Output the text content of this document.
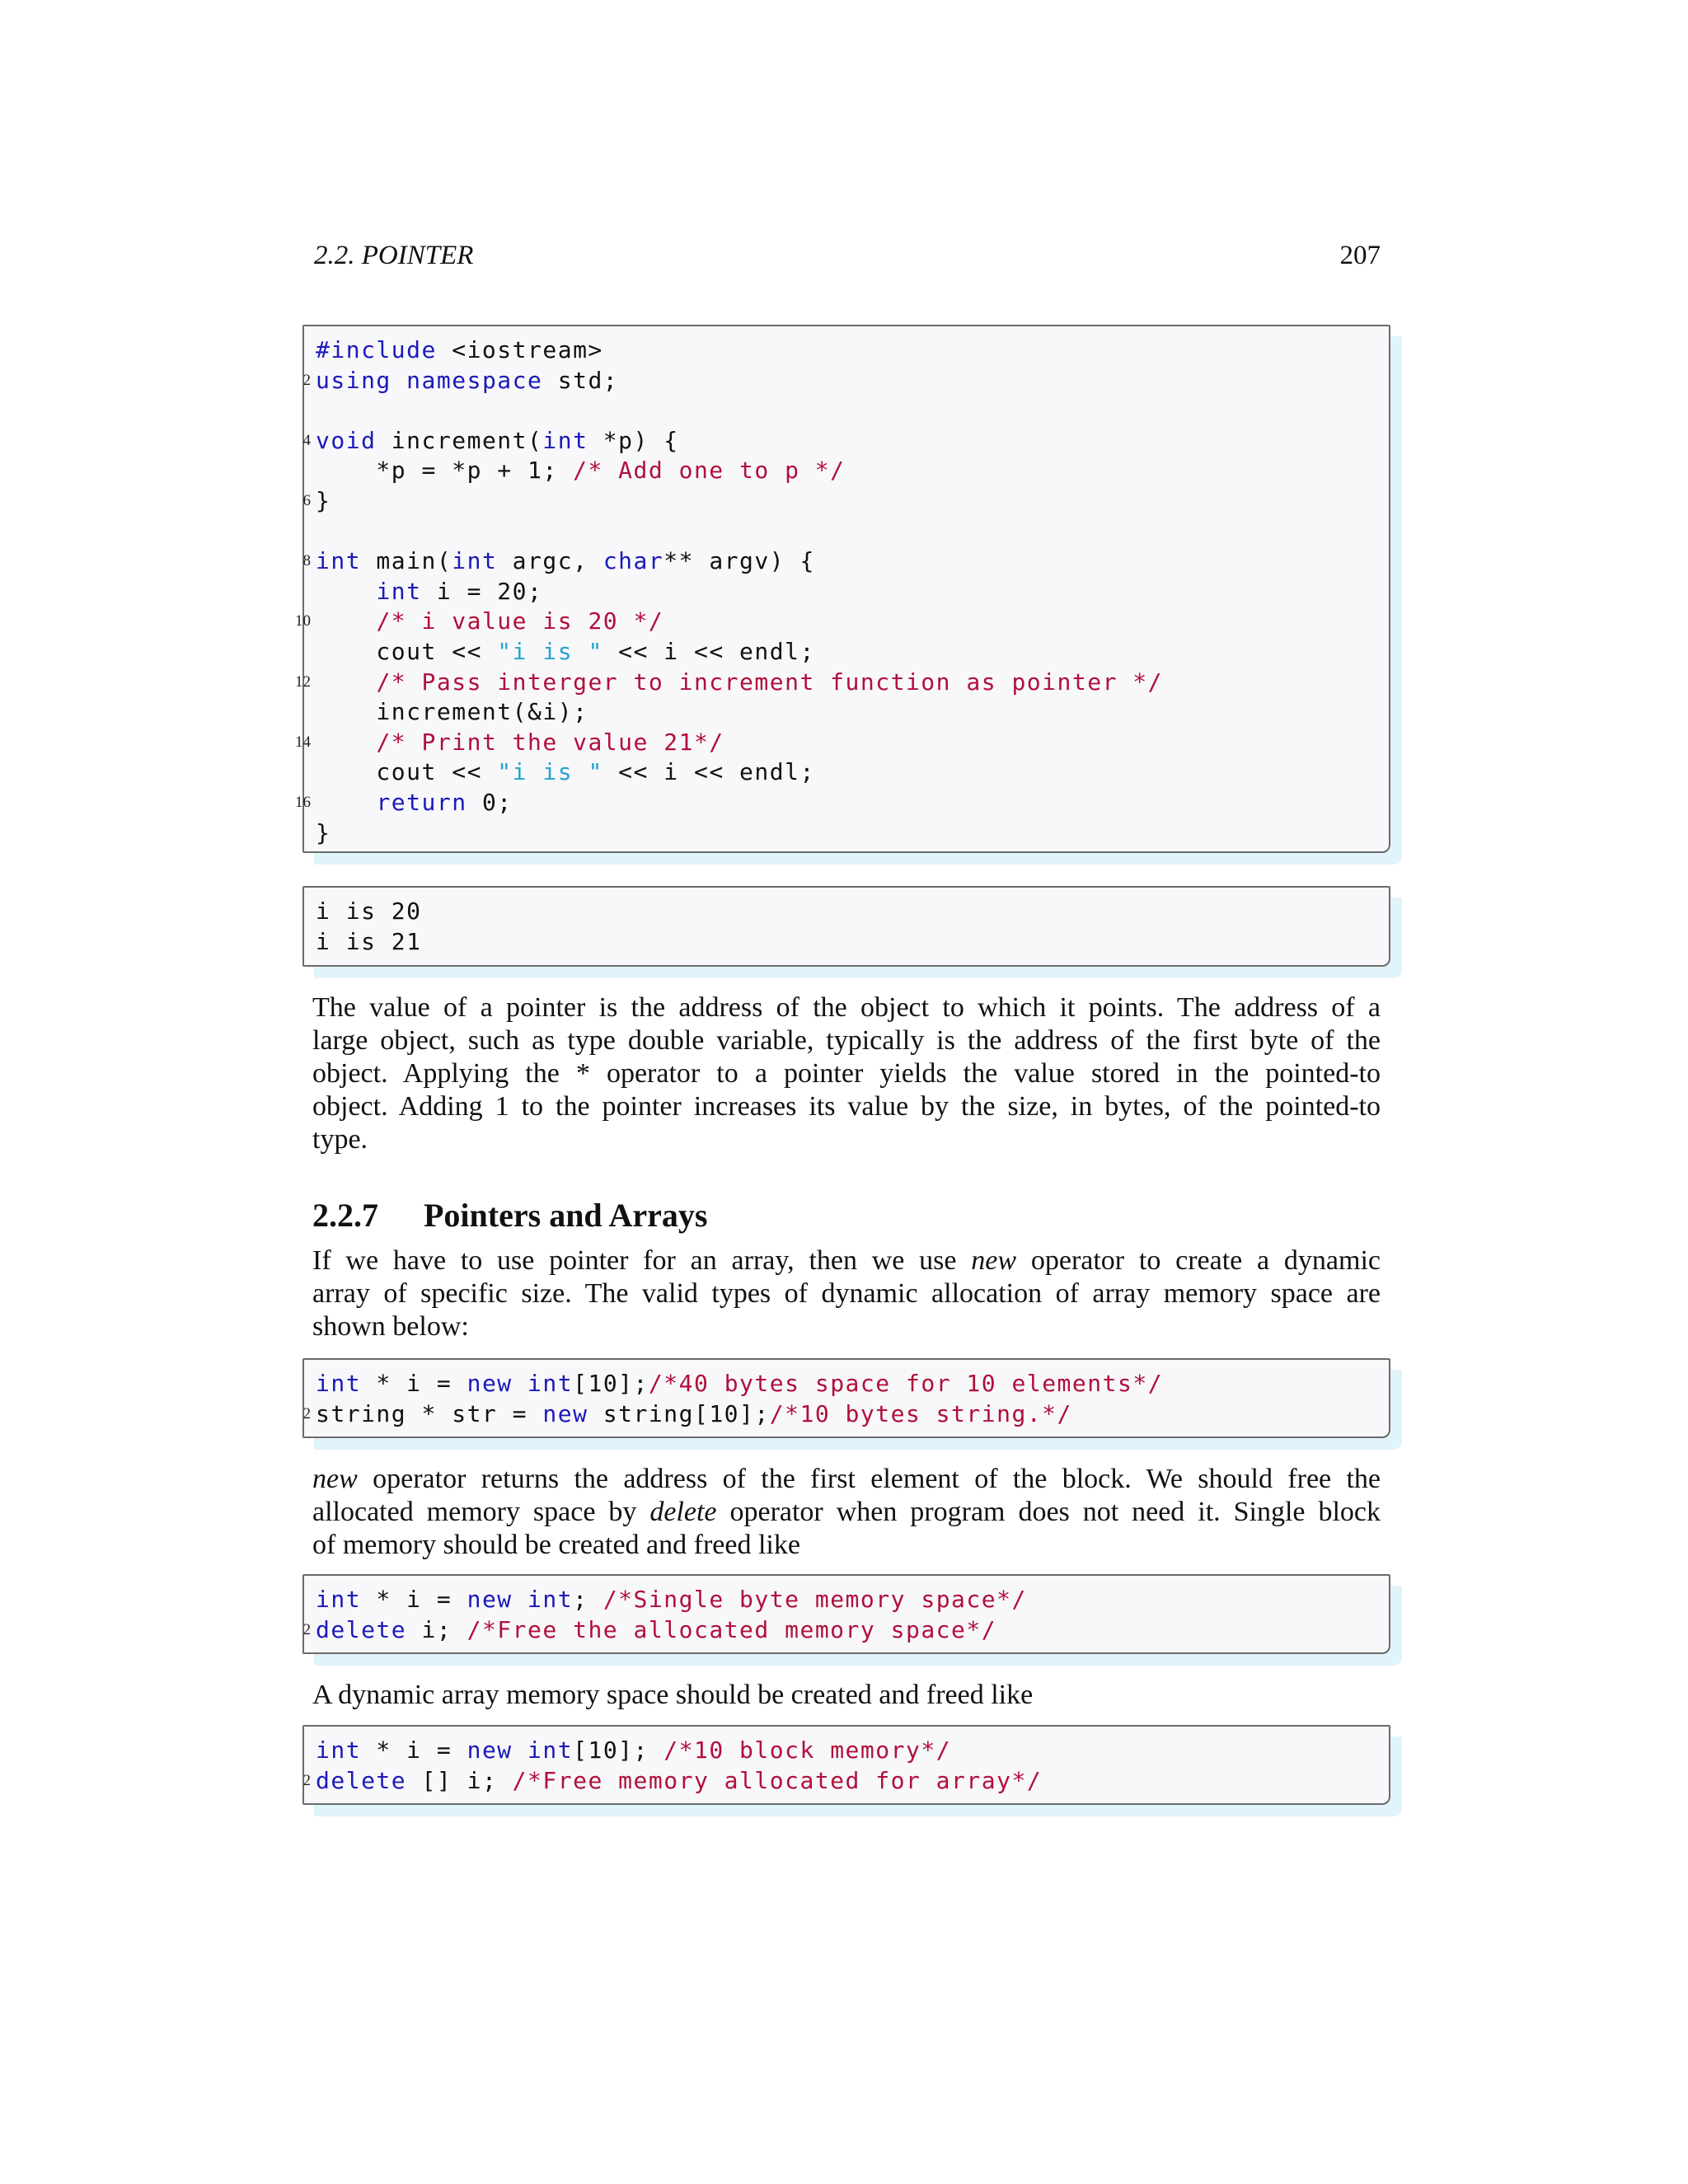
2.2. POINTER	207
#include <iostream>
2 using namespace std;
4 void increment(int *p) {
*p = *p + 1; /* Add one to p */
6 }
8 int main(int argc, char** argv) {
int i = 20;
10	/* i value is 20 */
cout << "i is " << i << endl;
12	/* Pass interger to increment function as pointer */
increment(&i);
14	/* Print the value 21*/
cout << "i is " << i << endl;
16	return 0;
}
i is 20
i is 21
The value of a pointer is the address of the object to which it points. The address of a
large object, such as type double variable, typically is the address of the first byte of the
object. Applying the * operator to a pointer yields the value stored in the pointed-to
object. Adding 1 to the pointer increases its value by the size, in bytes, of the pointed-to
type.
2.2.7 Pointers and Arrays
If we have to use pointer for an array, then we use new operator to create a dynamic
array of specific size. The valid types of dynamic allocation of array memory space are
shown below:
int * i = new int[10];/*40 bytes space for 10 elements*/
2 string * str = new string[10];/*10 bytes string.*/
new operator returns the address of the first element of the block. We should free the
allocated memory space by delete operator when program does not need it. Single block
of memory should be created and freed like
int * i = new int; /*Single byte memory space*/
2 delete i; /*Free the allocated memory space*/
A dynamic array memory space should be created and freed like
int * i = new int[10]; /*10 block memory*/
2 delete [] i; /*Free memory allocated for array*/
